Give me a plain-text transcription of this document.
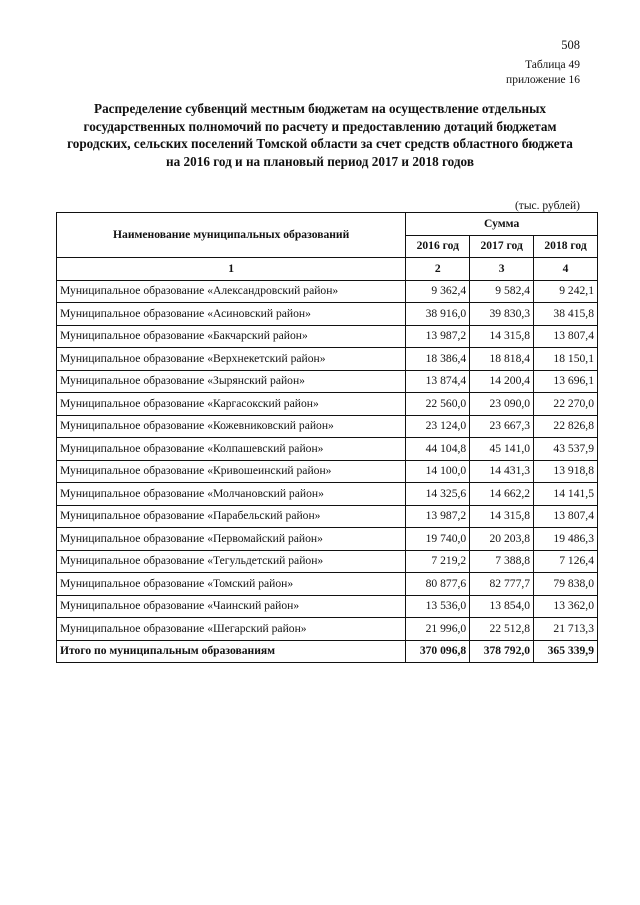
508
Таблица 49
приложение 16
Распределение субвенций местным бюджетам на осуществление отдельных государственных полномочий по расчету и предоставлению дотаций бюджетам городских, сельских поселений Томской области за счет средств областного бюджета на 2016 год и на плановый период 2017 и 2018 годов
(тыс. рублей)
Наименование муниципальных образований	Сумма		
	2016 год	2017 год	2018 год
1	2	3	4
Муниципальное образование «Александровский район»	9 362,4	9 582,4	9 242,1
Муниципальное образование «Асиновский район»	38 916,0	39 830,3	38 415,8
Муниципальное образование «Бакчарский район»	13 987,2	14 315,8	13 807,4
Муниципальное образование «Верхнекетский район»	18 386,4	18 818,4	18 150,1
Муниципальное образование «Зырянский район»	13 874,4	14 200,4	13 696,1
Муниципальное образование «Каргасокский район»	22 560,0	23 090,0	22 270,0
Муниципальное образование «Кожевниковский район»	23 124,0	23 667,3	22 826,8
Муниципальное образование «Колпашевский район»	44 104,8	45 141,0	43 537,9
Муниципальное образование «Кривошеинский район»	14 100,0	14 431,3	13 918,8
Муниципальное образование «Молчановский район»	14 325,6	14 662,2	14 141,5
Муниципальное образование «Парабельский район»	13 987,2	14 315,8	13 807,4
Муниципальное образование «Первомайский район»	19 740,0	20 203,8	19 486,3
Муниципальное образование «Тегульдетский район»	7 219,2	7 388,8	7 126,4
Муниципальное образование «Томский район»	80 877,6	82 777,7	79 838,0
Муниципальное образование «Чаинский район»	13 536,0	13 854,0	13 362,0
Муниципальное образование «Шегарский район»	21 996,0	22 512,8	21 713,3
Итого по муниципальным образованиям	370 096,8	378 792,0	365 339,9
